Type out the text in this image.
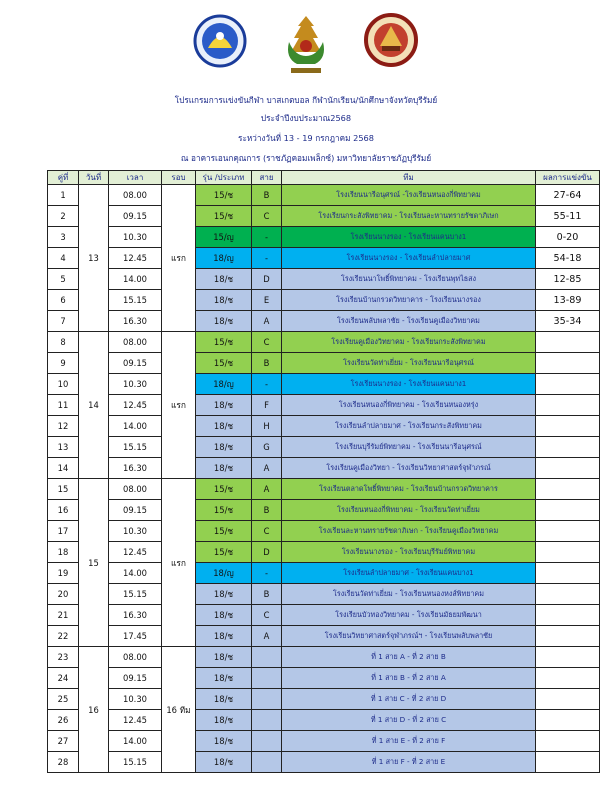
โปรแกรมการแข่งขันกีฬา บาสเกตบอล กีฬานักเรียน/นักศึกษาจังหวัดบุรีรัมย์
ประจำปีงบประมาณ2568
ระหว่างวันที่ 13 - 19 กรกฎาคม 2568
ณ อาคารเอนกคุณการ (ราชภัฏคอมเพล็กซ์) มหาวิทยาลัยราชภัฏบุรีรัมย์
คู่ที่	วันที่	เวลา	รอบ	รุ่น /ประเภท	สาย	ทีม	ผลการแข่งขัน
1	13	08.00	แรก	15/ช	B	โรงเรียนนารีอนุศรณ์ -โรงเรียนหนองกี่พิทยาคม	27-64
2		09.15		15/ช	C	โรงเรียนกระสังพิทยาคม - โรงเรียนละหานทรายรัชดาภิเษก	55-11
3		10.30		15/ญ	-	โรงเรียนนางรอง - โรงเรียนแคนบาง1	0-20
4		12.45		18/ญ	-	โรงเรียนนางรอง - โรงเรียนลำปลายมาศ	54-18
5		14.00		18/ช	D	โรงเรียนนาโพธิ์พิทยาคม - โรงเรียนพุทไธสง	12-85
6		15.15		18/ช	E	โรงเรียนบ้านกรวดวิทยาคาร - โรงเรียนนางรอง	13-89
7		16.30		18/ช	A	โรงเรียนพลับพลาชัย - โรงเรียนคูเมืองวิทยาคม	35-34
8	14	08.00	แรก	15/ช	C	โรงเรียนคูเมืองวิทยาคม - โรงเรียนกระสังพิทยาคม	
9		09.15		15/ช	B	โรงเรียนวัดท่าเยี่ยม - โรงเรียนนารีอนุศรณ์	
10		10.30		18/ญ	-	โรงเรียนนางรอง - โรงเรียนแคนบาง1	
11		12.45		18/ช	F	โรงเรียนหนองกี่พิทยาคม - โรงเรียนหนองหรุ่ง	
12		14.00		18/ช	H	โรงเรียนลำปลายมาศ - โรงเรียนกระสังพิทยาคม	
13		15.15		18/ช	G	โรงเรียนบุรีรัมย์พิทยาคม - โรงเรียนนารีอนุศรณ์	
14		16.30		18/ช	A	โรงเรียนคูเมืองวิทยา - โรงเรียนวิทยาศาสตร์จุฬาภรณ์	
15	15	08.00	แรก	15/ช	A	โรงเรียนตลาดโพธิ์พิทยาคม - โรงเรียนบ้านกรวดวิทยาคาร	
16		09.15		15/ช	B	โรงเรียนหนองกี่พิทยาคม - โรงเรียนวัดท่าเยี่ยม	
17		10.30		15/ช	C	โรงเรียนละหานทรายรัชดาภิเษก - โรงเรียนคูเมืองวิทยาคม	
18		12.45		15/ช	D	โรงเรียนนางรอง - โรงเรียนบุรีรัมย์พิทยาคม	
19		14.00		18/ญ	-	โรงเรียนลำปลายมาศ - โรงเรียนแคนบาง1	
20		15.15		18/ช	B	โรงเรียนวัดท่าเยี่ยม - โรงเรียนหนองหงส์พิทยาคม	
21		16.30		18/ช	C	โรงเรียนบัวทองวิทยาคม - โรงเรียนมัธยมพัฒนา	
22		17.45		18/ช	A	โรงเรียนวิทยาศาสตร์จุฬาภรณ์ฯ - โรงเรียนพลับพลาชัย	
23	16	08.00	16 ทีม	18/ช		ที่ 1 สาย A - ที่ 2 สาย B	
24		09.15		18/ช		ที่ 1 สาย B - ที่ 2 สาย A	
25		10.30		18/ช		ที่ 1 สาย C - ที่ 2 สาย D	
26		12.45		18/ช		ที่ 1 สาย D - ที่ 2 สาย C	
27		14.00		18/ช		ที่ 1 สาย E - ที่ 2 สาย F	
28		15.15		18/ช		ที่ 1 สาย F - ที่ 2 สาย E	
